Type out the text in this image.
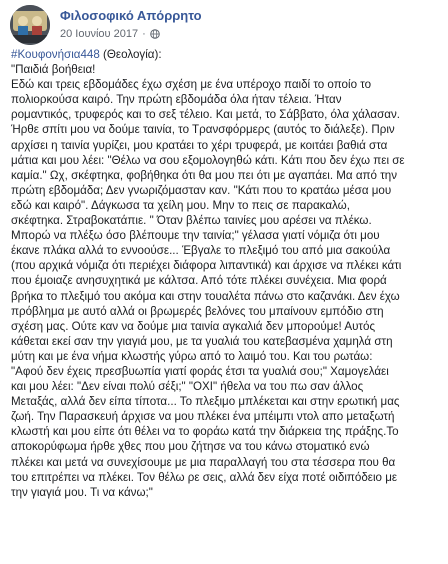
Φιλοσοφικό Απόρρητο
20 Ιουνίου 2017 ·
#Κουφονήσια448 (Θεολογία):
"Παιδιά βοήθεια!
Εδώ και τρεις εβδομάδες έχω σχέση με ένα υπέροχο παιδί το οποίο το
πολιορκούσα καιρό. Την πρώτη εβδομάδα όλα ήταν τέλεια. Ήταν
ρομαντικός, τρυφερός και το σεξ τέλειο. Και μετά, το Σάββατο, όλα χάλασαν.
Ήρθε σπίτι μου να δούμε ταινία, το Τρανσφόρμερς (αυτός το διάλεξε). Πριν
αρχίσει η ταινία γυρίζει, μου κρατάει το χέρι τρυφερά, με κοιτάει βαθιά στα
μάτια και μου λέει: "Θέλω να σου εξομολογηθώ κάτι. Κάτι που δεν έχω πει σε
καμία." Ωχ, σκέφτηκα, φοβήθηκα ότι θα μου πει ότι με αγαπάει. Μα από την
πρώτη εβδομάδα; Δεν γνωριζόμασταν καν. "Κάτι που το κρατάω μέσα μου
εδώ και καιρό". Δάγκωσα τα χείλη μου. Μην το πεις σε παρακαλώ,
σκέφτηκα. Στραβοκατάπιε. " Όταν βλέπω ταινίες μου αρέσει να πλέκω.
Μπορώ να πλέξω όσο βλέπουμε την ταινία;" γέλασα γιατί νόμιζα ότι μου
έκανε πλάκα αλλά το εννοούσε... Έβγαλε το πλεξιμό του από μια σακούλα
(που αρχικά νόμιζα ότι περιέχει διάφορα λιπαντικά) και άρχισε να πλέκει κάτι
που έμοιαζε ανησυχητικά με κάλτσα. Από τότε πλέκει συνέχεια. Μια φορά
βρήκα το πλεξιμό του ακόμα και στην τουαλέτα πάνω στο καζανάκι. Δεν έχω
πρόβλημα με αυτό αλλά οι βρωμερές βελόνες του μπαίνουν εμπόδιο στη
σχέση μας. Ούτε καν να δούμε μια ταινία αγκαλιά δεν μπορούμε! Αυτός
κάθεται εκεί σαν την γιαγιά μου, με τα γυαλιά του κατεβασμένα χαμηλά στη
μύτη και με ένα νήμα κλωστής γύρω από το λαιμό του. Και του ρωτάω:
"Αφού δεν έχεις πρεσβυωπία γιατί φοράς έτσι τα γυαλιά σου;" Χαμογελάει
και μου λέει: "Δεν είναι πολύ σέξι;" "ΟΧΙ" ήθελα να του πω σαν άλλος
Μεταξάς, αλλά δεν είπα τίποτα... Το πλεξιμο μπλέκεται και στην ερωτική μας
ζωή. Την Παρασκευή άρχισε να μου πλέκει ένα μπέιμπι ντολ απο μεταξωτή
κλωστή και μου είπε ότι θέλει να το φοράω κατά την διάρκεια της πράξης.Το
αποκορύφωμα ήρθε χθες που μου ζήτησε να του κάνω στοματικό ενώ
πλέκει και μετά να συνεχίσουμε με μια παραλλαγή του στα τέσσερα που θα
του επιτρέπει να πλέκει. Τον θέλω ρε σεις, αλλά δεν είχα ποτέ οιδιπόδειο με
την γιαγιά μου. Τι να κάνω;"
